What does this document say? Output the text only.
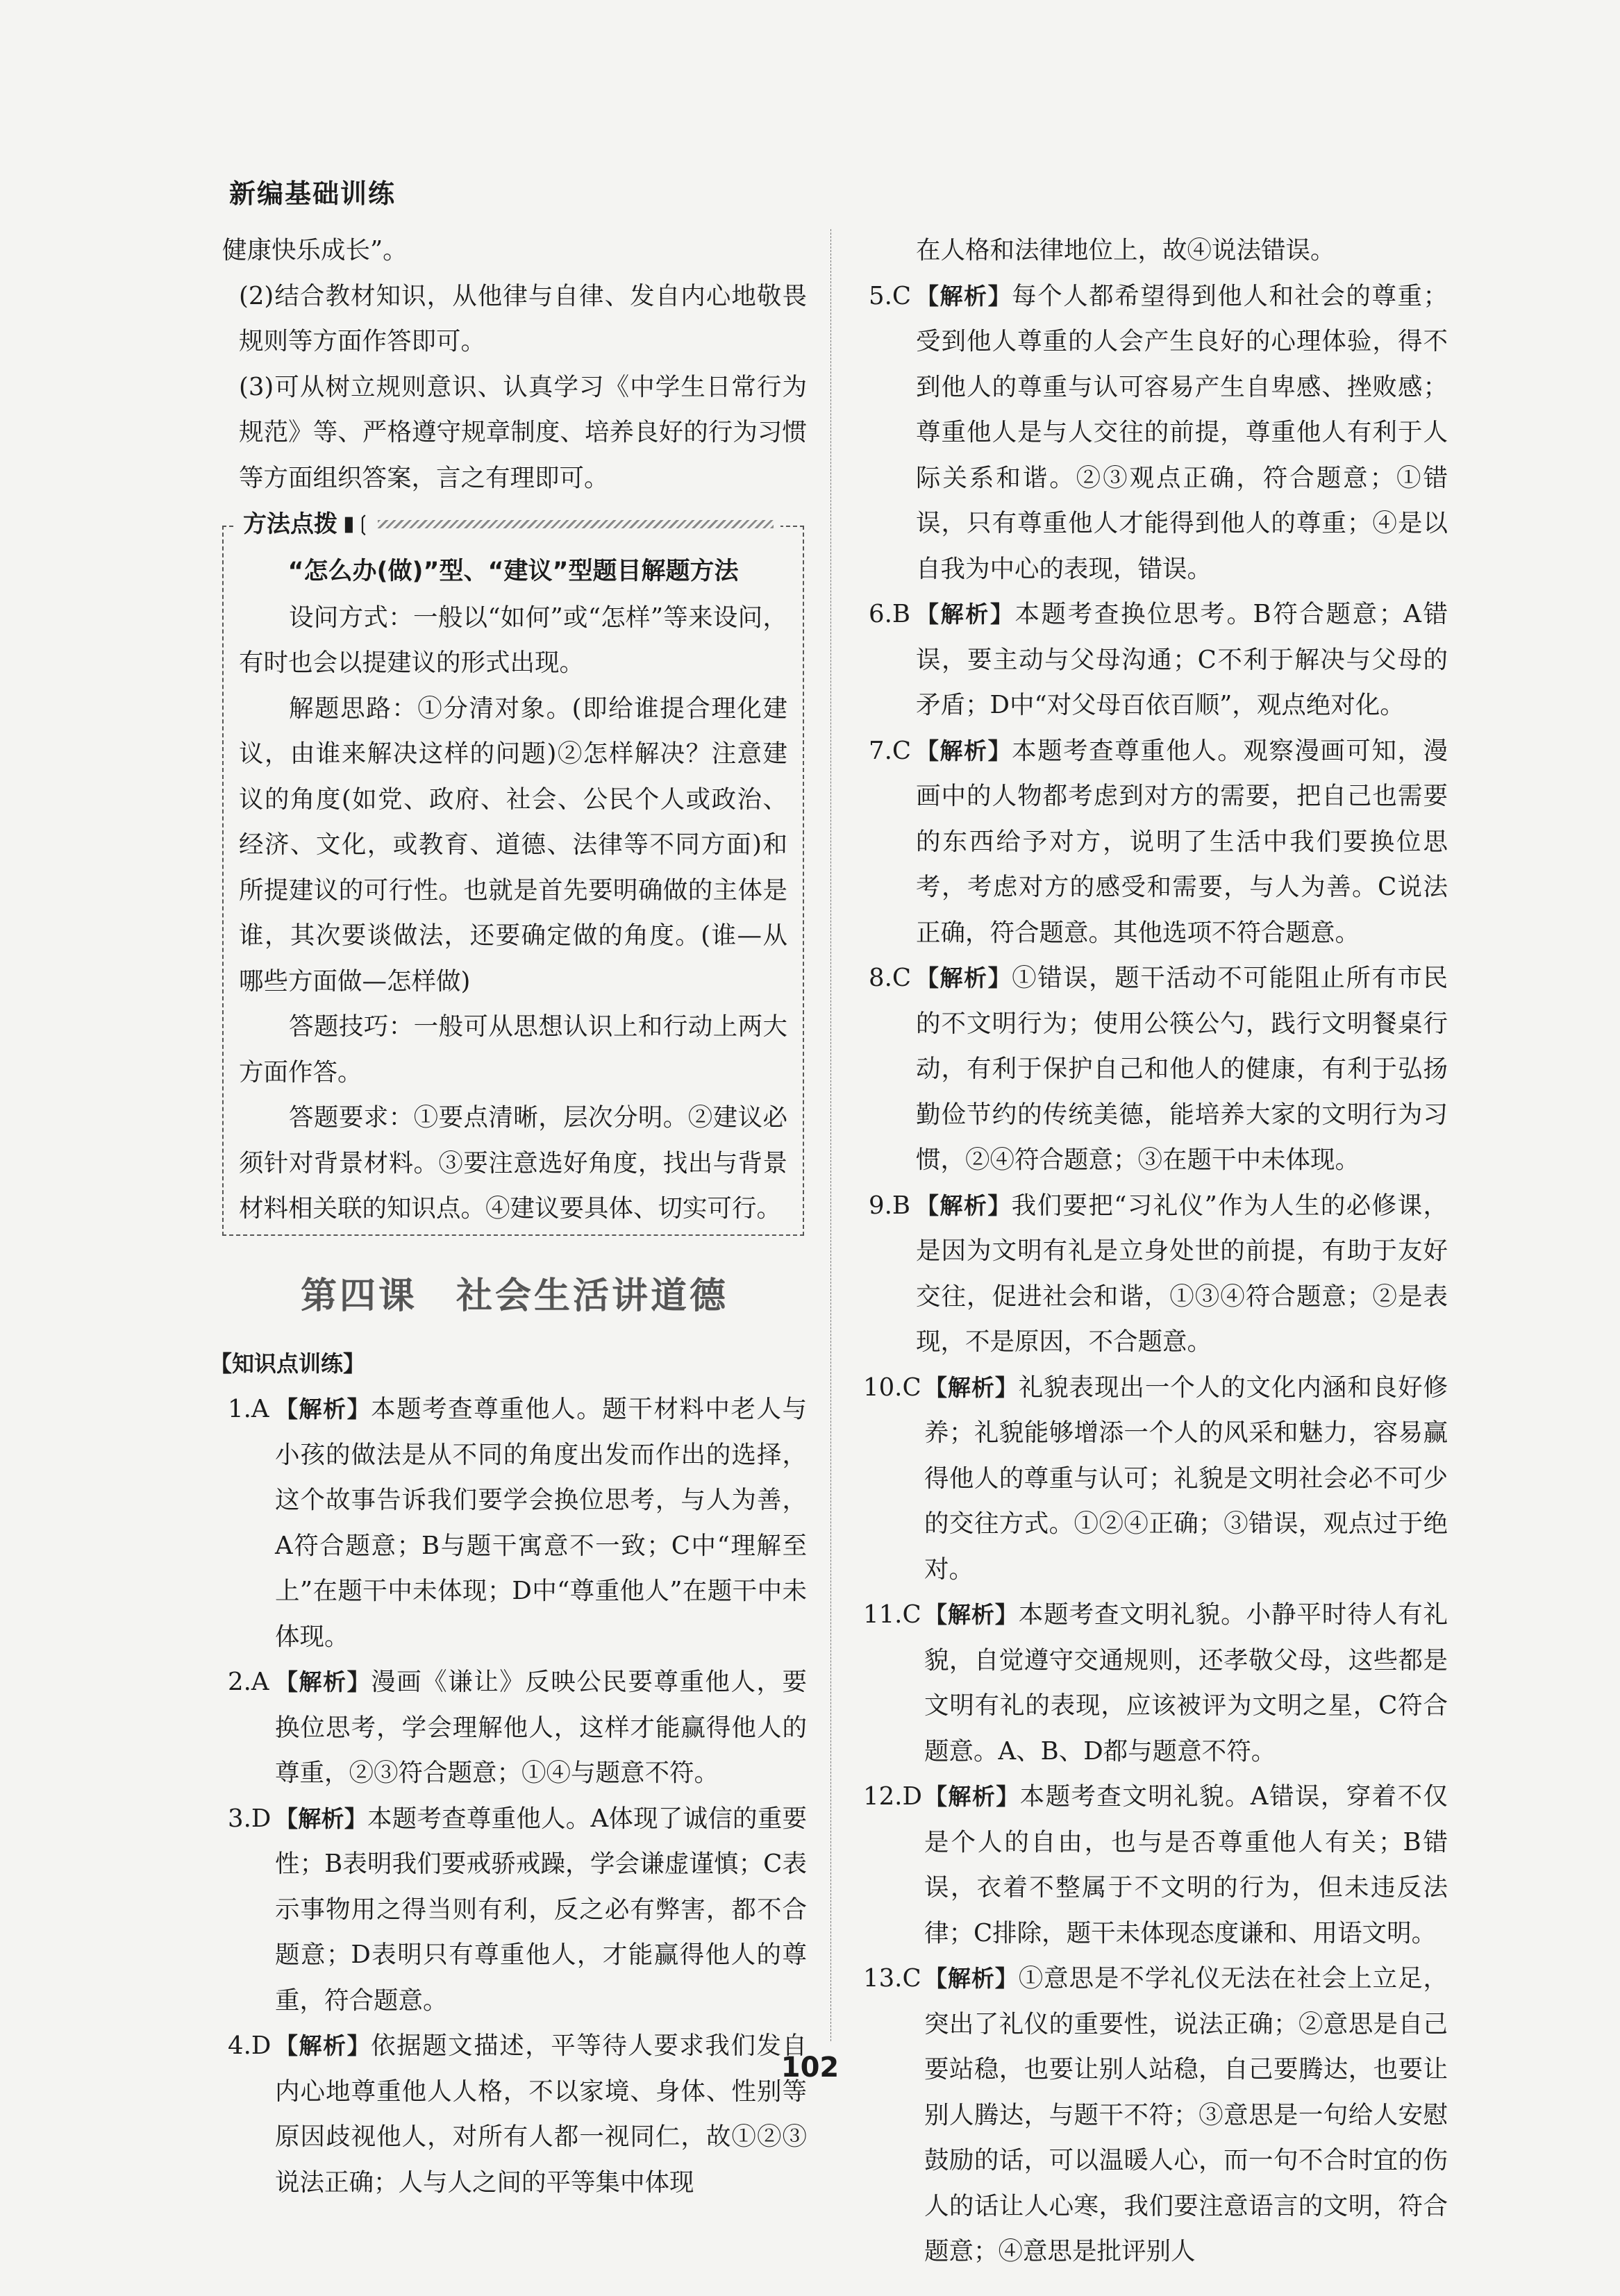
新编基础训练

健康快乐成长”。

(2)结合教材知识，从他律与自律、发自内心地敬畏规则等方面作答即可。

(3)可从树立规则意识、认真学习《中学生日常行为规范》等、严格遵守规章制度、培养良好的行为习惯等方面组织答案，言之有理即可。

方法点拨 ▮❲
“怎么办(做)”型、“建议”型题目解题方法

设问方式：一般以“如何”或“怎样”等来设问，有时也会以提建议的形式出现。

解题思路：①分清对象。(即给谁提合理化建议，由谁来解决这样的问题)②怎样解决？注意建议的角度(如党、政府、社会、公民个人或政治、经济、文化，或教育、道德、法律等不同方面)和所提建议的可行性。也就是首先要明确做的主体是谁，其次要谈做法，还要确定做的角度。(谁—从哪些方面做—怎样做)

答题技巧：一般可从思想认识上和行动上两大方面作答。

答题要求：①要点清晰，层次分明。②建议必须针对背景材料。③要注意选好角度，找出与背景材料相关联的知识点。④建议要具体、切实可行。

第四课　社会生活讲道德
【知识点训练】

1.A 【解析】本题考查尊重他人。题干材料中老人与小孩的做法是从不同的角度出发而作出的选择，这个故事告诉我们要学会换位思考，与人为善，A符合题意；B与题干寓意不一致；C中“理解至上”在题干中未体现；D中“尊重他人”在题干中未体现。

2.A 【解析】漫画《谦让》反映公民要尊重他人，要换位思考，学会理解他人，这样才能赢得他人的尊重，②③符合题意；①④与题意不符。

3.D 【解析】本题考查尊重他人。A体现了诚信的重要性；B表明我们要戒骄戒躁，学会谦虚谨慎；C表示事物用之得当则有利，反之必有弊害，都不合题意；D表明只有尊重他人，才能赢得他人的尊重，符合题意。

4.D 【解析】依据题文描述，平等待人要求我们发自内心地尊重他人人格，不以家境、身体、性别等原因歧视他人，对所有人都一视同仁，故①②③说法正确；人与人之间的平等集中体现

在人格和法律地位上，故④说法错误。

5.C 【解析】每个人都希望得到他人和社会的尊重；受到他人尊重的人会产生良好的心理体验，得不到他人的尊重与认可容易产生自卑感、挫败感；尊重他人是与人交往的前提，尊重他人有利于人际关系和谐。②③观点正确，符合题意；①错误，只有尊重他人才能得到他人的尊重；④是以自我为中心的表现，错误。

6.B 【解析】本题考查换位思考。B符合题意；A错误，要主动与父母沟通；C不利于解决与父母的矛盾；D中“对父母百依百顺”，观点绝对化。

7.C 【解析】本题考查尊重他人。观察漫画可知，漫画中的人物都考虑到对方的需要，把自己也需要的东西给予对方，说明了生活中我们要换位思考，考虑对方的感受和需要，与人为善。C说法正确，符合题意。其他选项不符合题意。

8.C 【解析】①错误，题干活动不可能阻止所有市民的不文明行为；使用公筷公勺，践行文明餐桌行动，有利于保护自己和他人的健康，有利于弘扬勤俭节约的传统美德，能培养大家的文明行为习惯，②④符合题意；③在题干中未体现。

9.B 【解析】我们要把“习礼仪”作为人生的必修课，是因为文明有礼是立身处世的前提，有助于友好交往，促进社会和谐，①③④符合题意；②是表现，不是原因，不合题意。

10.C 【解析】礼貌表现出一个人的文化内涵和良好修养；礼貌能够增添一个人的风采和魅力，容易赢得他人的尊重与认可；礼貌是文明社会必不可少的交往方式。①②④正确；③错误，观点过于绝对。

11.C 【解析】本题考查文明礼貌。小静平时待人有礼貌，自觉遵守交通规则，还孝敬父母，这些都是文明有礼的表现，应该被评为文明之星，C符合题意。A、B、D都与题意不符。

12.D 【解析】本题考查文明礼貌。A错误，穿着不仅是个人的自由，也与是否尊重他人有关；B错误，衣着不整属于不文明的行为，但未违反法律；C排除，题干未体现态度谦和、用语文明。

13.C 【解析】①意思是不学礼仪无法在社会上立足，突出了礼仪的重要性，说法正确；②意思是自己要站稳，也要让别人站稳，自己要腾达，也要让别人腾达，与题干不符；③意思是一句给人安慰鼓励的话，可以温暖人心，而一句不合时宜的伤人的话让人心寒，我们要注意语言的文明，符合题意；④意思是批评别人

102
